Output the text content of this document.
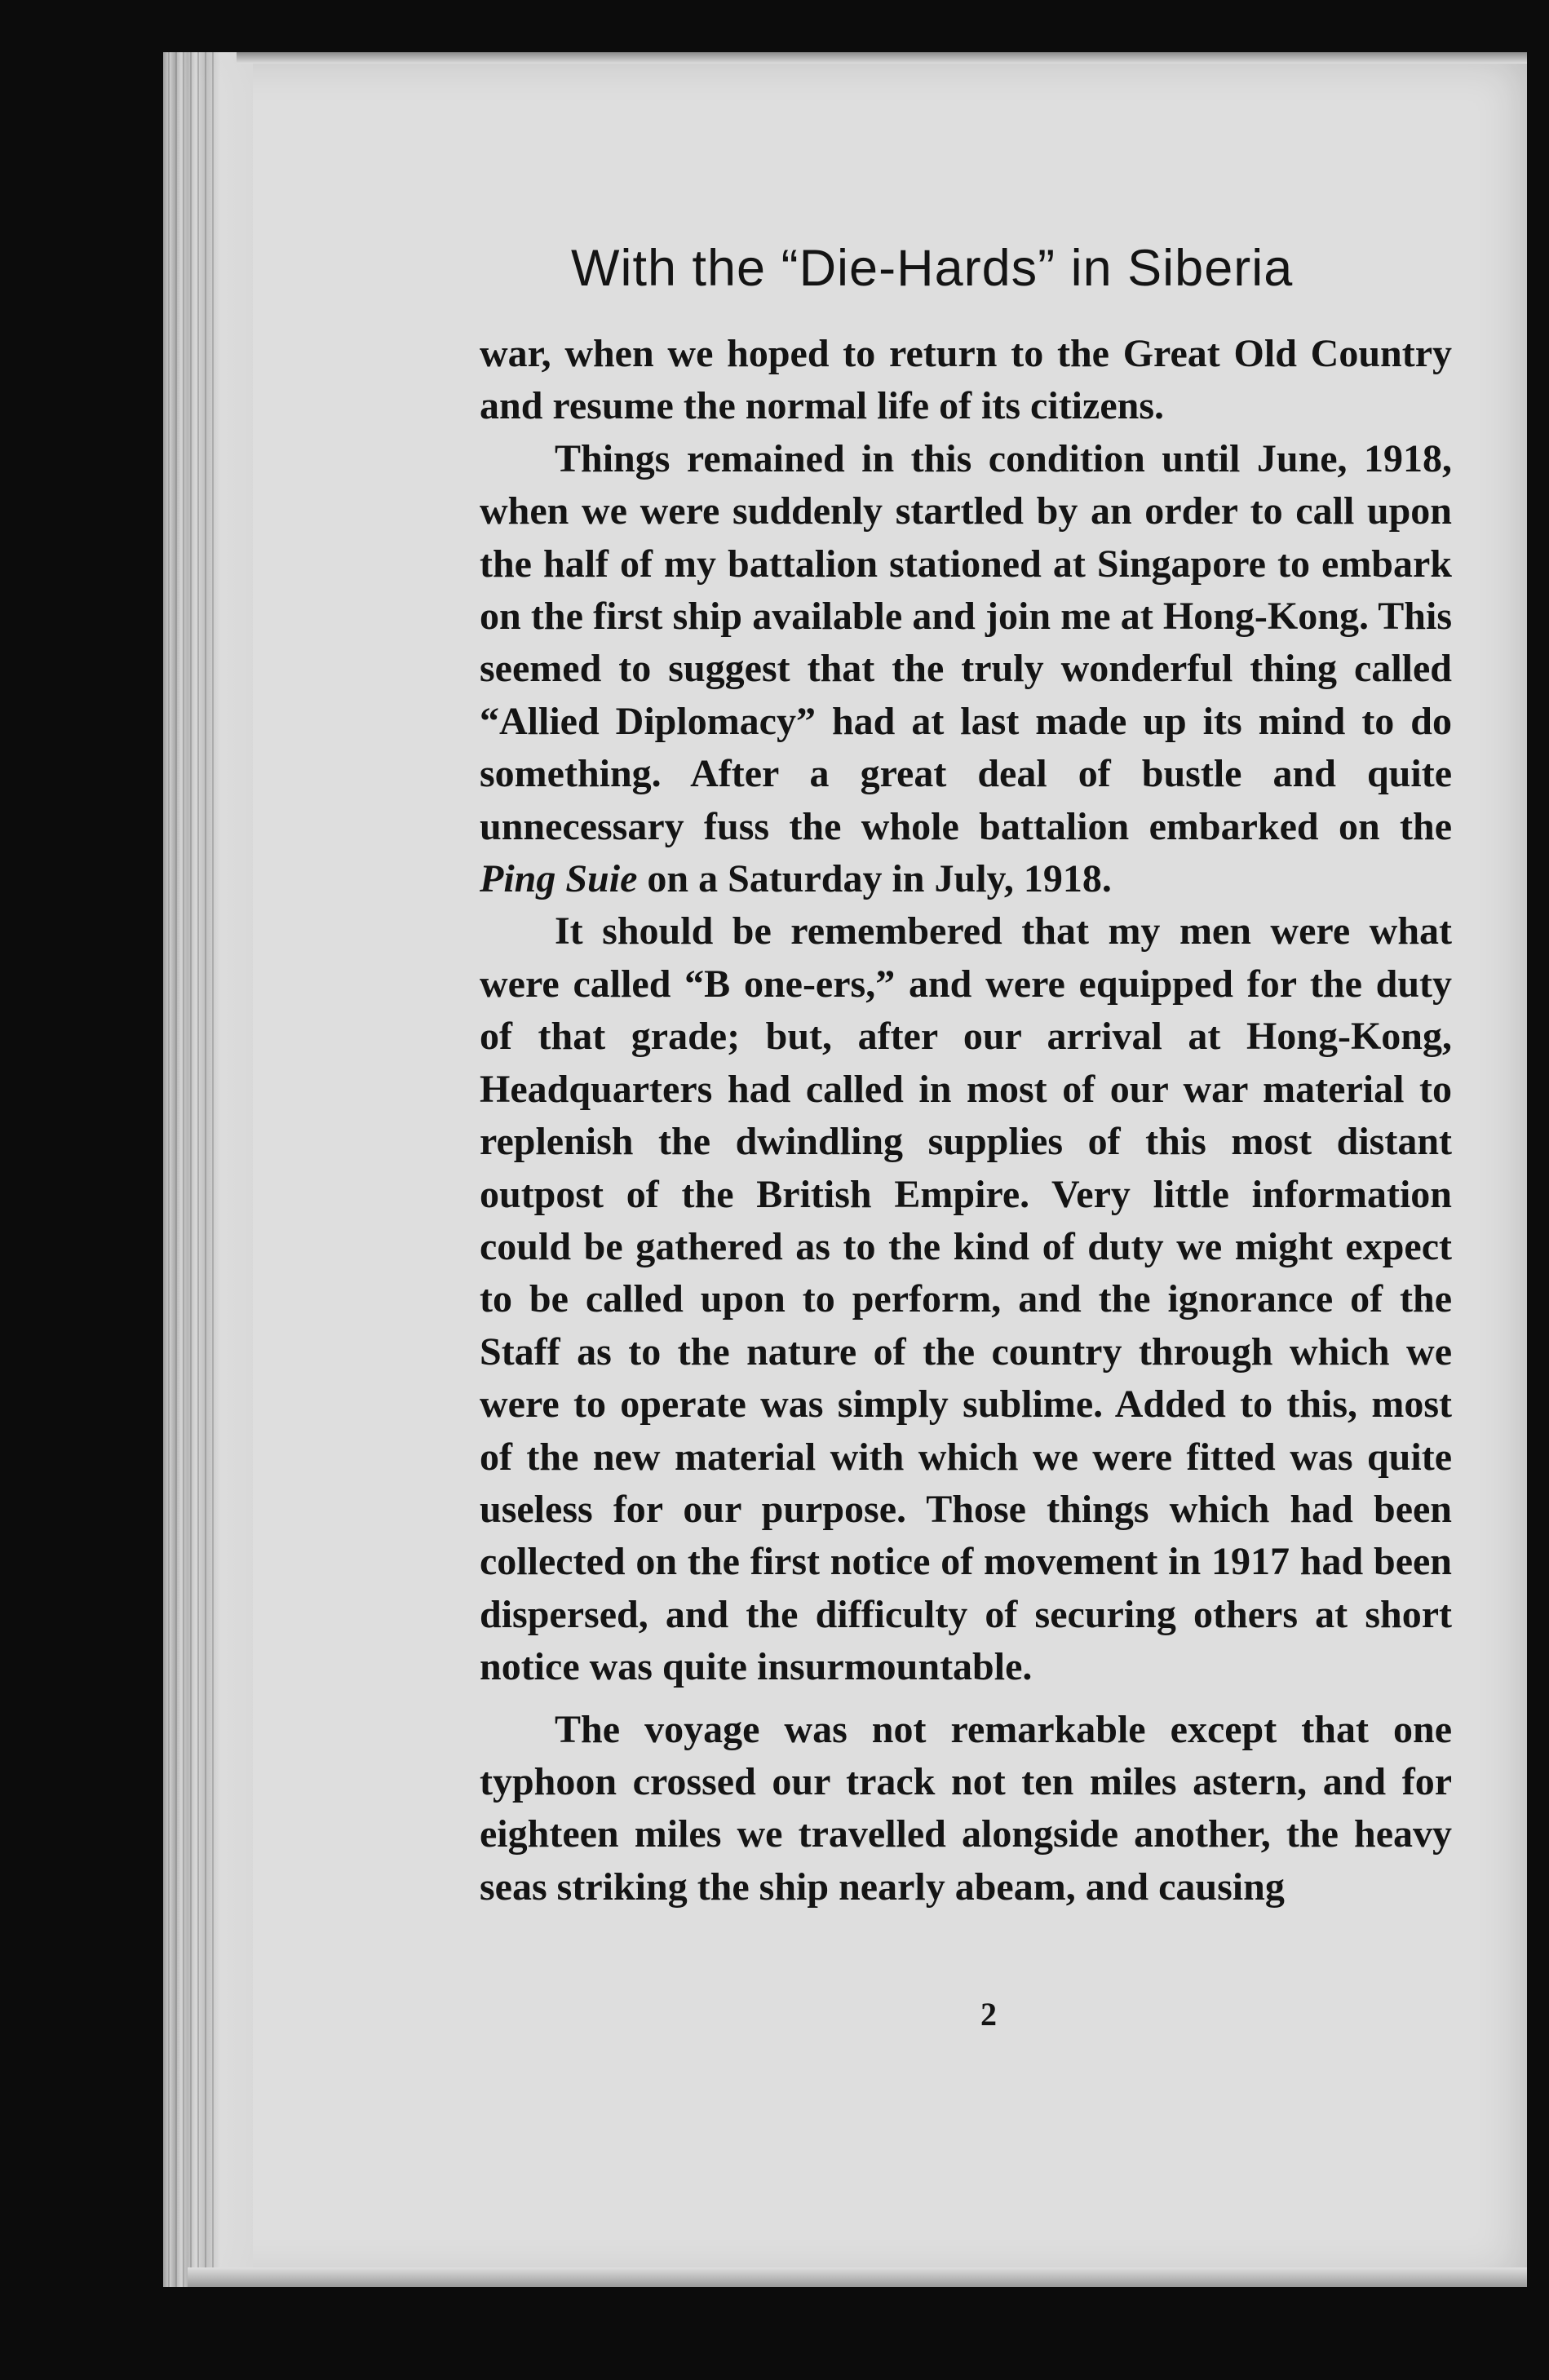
With the “Die-Hards” in Siberia

war, when we hoped to return to the Great Old Country and resume the normal life of its citizens.

Things remained in this condition until June, 1918, when we were suddenly startled by an order to call upon the half of my battalion stationed at Singapore to embark on the first ship available and join me at Hong-Kong. This seemed to suggest that the truly wonderful thing called “Allied Diplomacy” had at last made up its mind to do something. After a great deal of bustle and quite unnecessary fuss the whole battalion embarked on the Ping Suie on a Saturday in July, 1918.

It should be remembered that my men were what were called “B one-ers,” and were equipped for the duty of that grade; but, after our arrival at Hong-Kong, Headquarters had called in most of our war material to replenish the dwindling supplies of this most distant outpost of the British Empire. Very little information could be gathered as to the kind of duty we might expect to be called upon to perform, and the ignorance of the Staff as to the nature of the country through which we were to operate was simply sublime. Added to this, most of the new material with which we were fitted was quite useless for our purpose. Those things which had been collected on the first notice of movement in 1917 had been dispersed, and the difficulty of securing others at short notice was quite insurmountable.

The voyage was not remarkable except that one typhoon crossed our track not ten miles astern, and for eighteen miles we travelled alongside another, the heavy seas striking the ship nearly abeam, and causing

2
